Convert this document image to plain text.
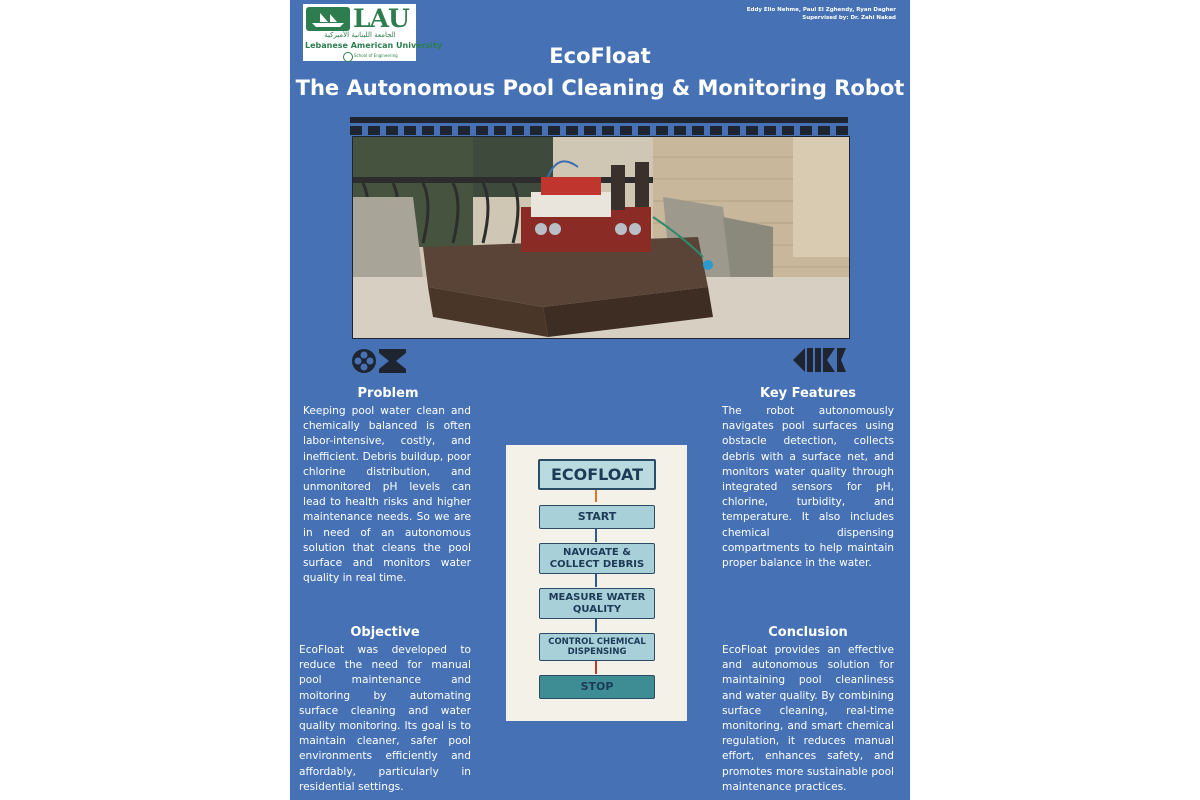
LAU
الجامعة اللبنانية الأميركية
Lebanese American University
School of Engineering
Eddy Elio Nehme, Paul El Zghendy, Ryan Dagher
Supervised by: Dr. Zahi Nakad
EcoFloat
The Autonomous Pool Cleaning & Monitoring Robot
Problem
Keeping pool water clean and chemically balanced is often labor-intensive, costly, and inefficient. Debris buildup, poor chlorine distribution, and unmonitored pH levels can lead to health risks and higher maintenance needs. So we are in need of an autonomous solution that cleans the pool surface and monitors water quality in real time.
Key Features
The robot autonomously navigates pool surfaces using obstacle detection, collects debris with a surface net, and monitors water quality through integrated sensors for pH, chlorine, turbidity, and temperature. It also includes chemical dispensing compartments to help maintain proper balance in the water.
Objective
EcoFloat was developed to reduce the need for manual pool maintenance and moitoring by automating surface cleaning and water quality monitoring. Its goal is to maintain cleaner, safer pool environments efficiently and affordably, particularly in residential settings.
Conclusion
EcoFloat provides an effective and autonomous solution for maintaining pool cleanliness and water quality. By combining surface cleaning, real-time monitoring, and smart chemical regulation, it reduces manual effort, enhances safety, and promotes more sustainable pool maintenance practices.
ECOFLOAT
START
NAVIGATE & COLLECT DEBRIS
MEASURE WATER QUALITY
CONTROL CHEMICAL DISPENSING
STOP
